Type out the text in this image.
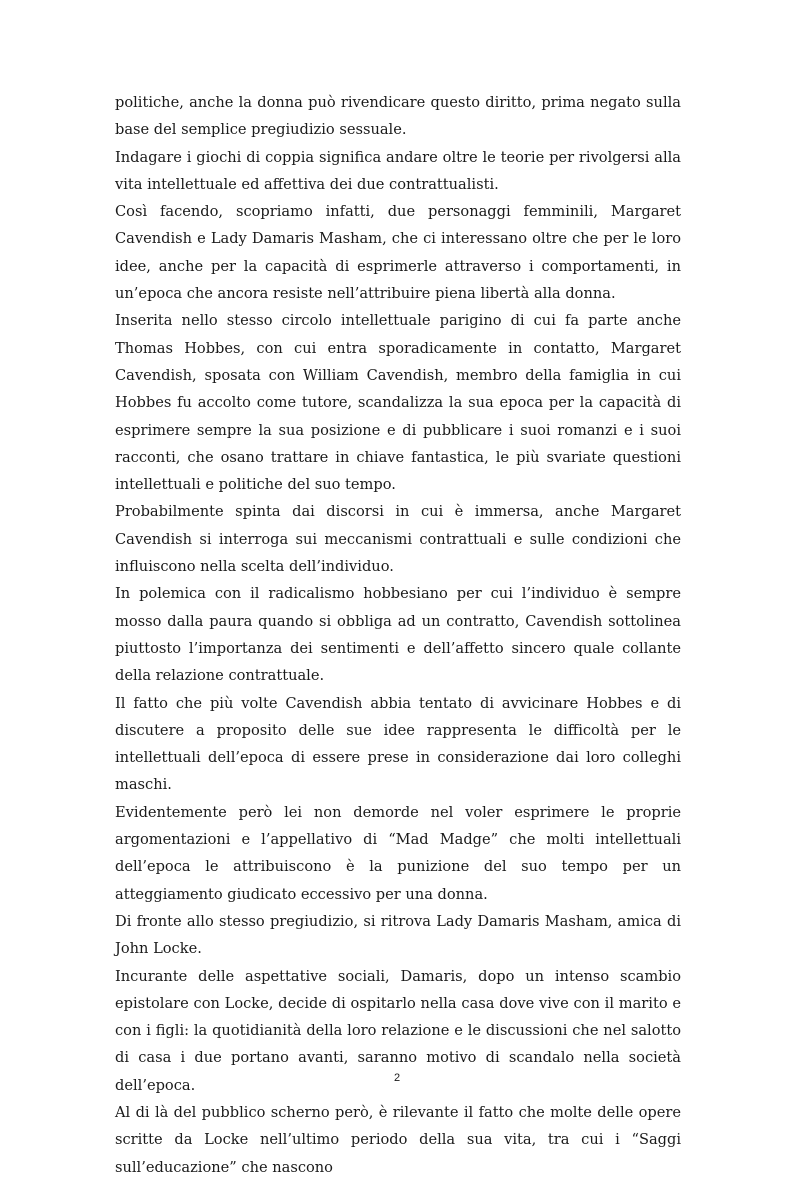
politiche, anche la donna può rivendicare questo diritto, prima negato sulla base del semplice pregiudizio sessuale.

Indagare i giochi di coppia significa andare oltre le teorie per rivolgersi alla vita intellettuale ed affettiva dei due contrattualisti.

Così facendo, scopriamo infatti, due personaggi femminili, Margaret Cavendish e Lady Damaris Masham, che ci interessano oltre che per le loro idee, anche per la capacità di esprimerle attraverso i comportamenti, in un’epoca che ancora resiste nell’attribuire piena libertà alla donna.

Inserita nello stesso circolo intellettuale parigino di cui fa parte anche Thomas Hobbes, con cui entra sporadicamente in contatto, Margaret Cavendish, sposata con William Cavendish, membro della famiglia in cui Hobbes fu accolto come tutore, scandalizza la sua epoca per la capacità di esprimere sempre la sua posizione e di pubblicare i suoi romanzi e i suoi racconti, che osano trattare in chiave fantastica, le più svariate questioni intellettuali e politiche del suo tempo.

Probabilmente spinta dai discorsi in cui è immersa, anche Margaret Cavendish si interroga sui meccanismi contrattuali e sulle condizioni che influiscono nella scelta dell’individuo.

In polemica con il radicalismo hobbesiano per cui l’individuo è sempre mosso dalla paura quando si obbliga ad un contratto, Cavendish sottolinea piuttosto l’importanza dei sentimenti e dell’affetto sincero quale collante della relazione contrattuale.

Il fatto che più volte Cavendish abbia tentato di avvicinare Hobbes e di discutere a proposito delle sue idee rappresenta le difficoltà per le intellettuali dell’epoca di essere prese in considerazione dai loro colleghi maschi.

Evidentemente però lei non demorde nel voler esprimere le proprie argomentazioni e l’appellativo di “Mad Madge” che molti intellettuali dell’epoca le attribuiscono è la punizione del suo tempo per un atteggiamento giudicato eccessivo per una donna.

Di fronte allo stesso pregiudizio, si ritrova Lady Damaris Masham, amica di John Locke.

Incurante delle aspettative sociali, Damaris, dopo un intenso scambio epistolare con Locke, decide di ospitarlo nella casa dove vive con il marito e con i figli: la quotidianità della loro relazione e le discussioni che nel salotto di casa i due portano avanti, saranno motivo di scandalo nella società dell’epoca.

Al di là del pubblico scherno però, è rilevante il fatto che molte delle opere scritte da Locke nell’ultimo periodo della sua vita, tra cui i “Saggi sull’educazione” che nascono

2
